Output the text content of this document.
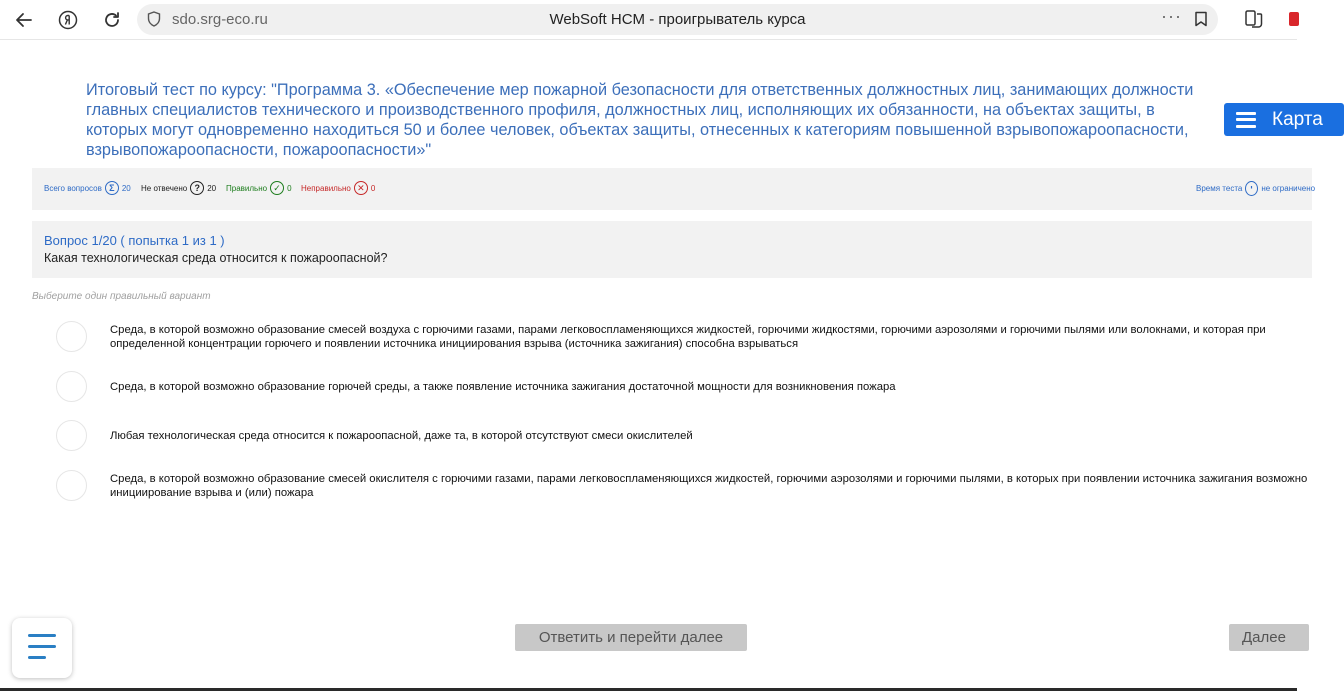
sdo.srg-eco.ru	WebSoft HCM - проигрыватель курса	···
Итоговый тест по курсу: "Программа 3. «Обеспечение мер пожарной безопасности для ответственных должностных лиц, занимающих должности главных специалистов технического и производственного профиля, должностных лиц, исполняющих их обязанности, на объектах защиты, в которых могут одновременно находиться 50 и более человек, объектах защиты, отнесенных к категориям повышенной взрывопожароопасности, взрывопожароопасности, пожароопасности»"
Карта
Всего вопросов Σ 20 Не отвечено ? 20 Правильно ✓ 0 Неправильно ✕ 0	Время теста не ограничено
Вопрос 1/20 ( попытка 1 из 1 )
Какая технологическая среда относится к пожароопасной?
Выберите один правильный вариант
Среда, в которой возможно образование смесей воздуха с горючими газами, парами легковоспламеняющихся жидкостей, горючими жидкостями, горючими аэрозолями и горючими пылями или волокнами, и которая при определенной концентрации горючего и появлении источника инициирования взрыва (источника зажигания) способна взрываться
Среда, в которой возможно образование горючей среды, а также появление источника зажигания достаточной мощности для возникновения пожара
Любая технологическая среда относится к пожароопасной, даже та, в которой отсутствуют смеси окислителей
Среда, в которой возможно образование смесей окислителя с горючими газами, парами легковоспламеняющихся жидкостей, горючими аэрозолями и горючими пылями, в которых при появлении источника зажигания возможно инициирование взрыва и (или) пожара
Ответить и перейти далее	Далее
